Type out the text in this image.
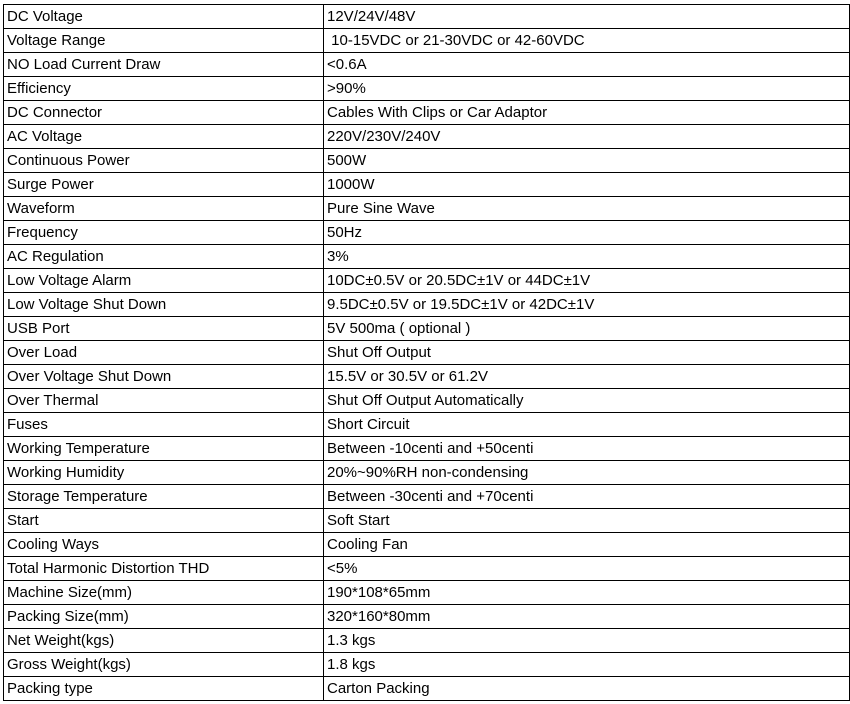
DC Voltage	12V/24V/48V
Voltage Range	10-15VDC or 21-30VDC or 42-60VDC
NO Load Current Draw	<0.6A
Efficiency	>90%
DC Connector	Cables With Clips or Car Adaptor
AC Voltage	220V/230V/240V
Continuous Power	500W
Surge Power	1000W
Waveform	Pure Sine Wave
Frequency	50Hz
AC Regulation	3%
Low Voltage Alarm	10DC±0.5V or 20.5DC±1V or 44DC±1V
Low Voltage Shut Down	9.5DC±0.5V or 19.5DC±1V or 42DC±1V
USB Port	5V 500ma ( optional )
Over Load	Shut Off Output
Over Voltage Shut Down	15.5V or 30.5V or 61.2V
Over Thermal	Shut Off Output Automatically
Fuses	Short Circuit
Working Temperature	Between -10centi and +50centi
Working Humidity	20%~90%RH non-condensing
Storage Temperature	Between -30centi and +70centi
Start	Soft Start
Cooling Ways	Cooling Fan
Total Harmonic Distortion THD	<5%
Machine Size(mm)	190*108*65mm
Packing Size(mm)	320*160*80mm
Net Weight(kgs)	1.3 kgs
Gross Weight(kgs)	1.8 kgs
Packing type	Carton Packing
